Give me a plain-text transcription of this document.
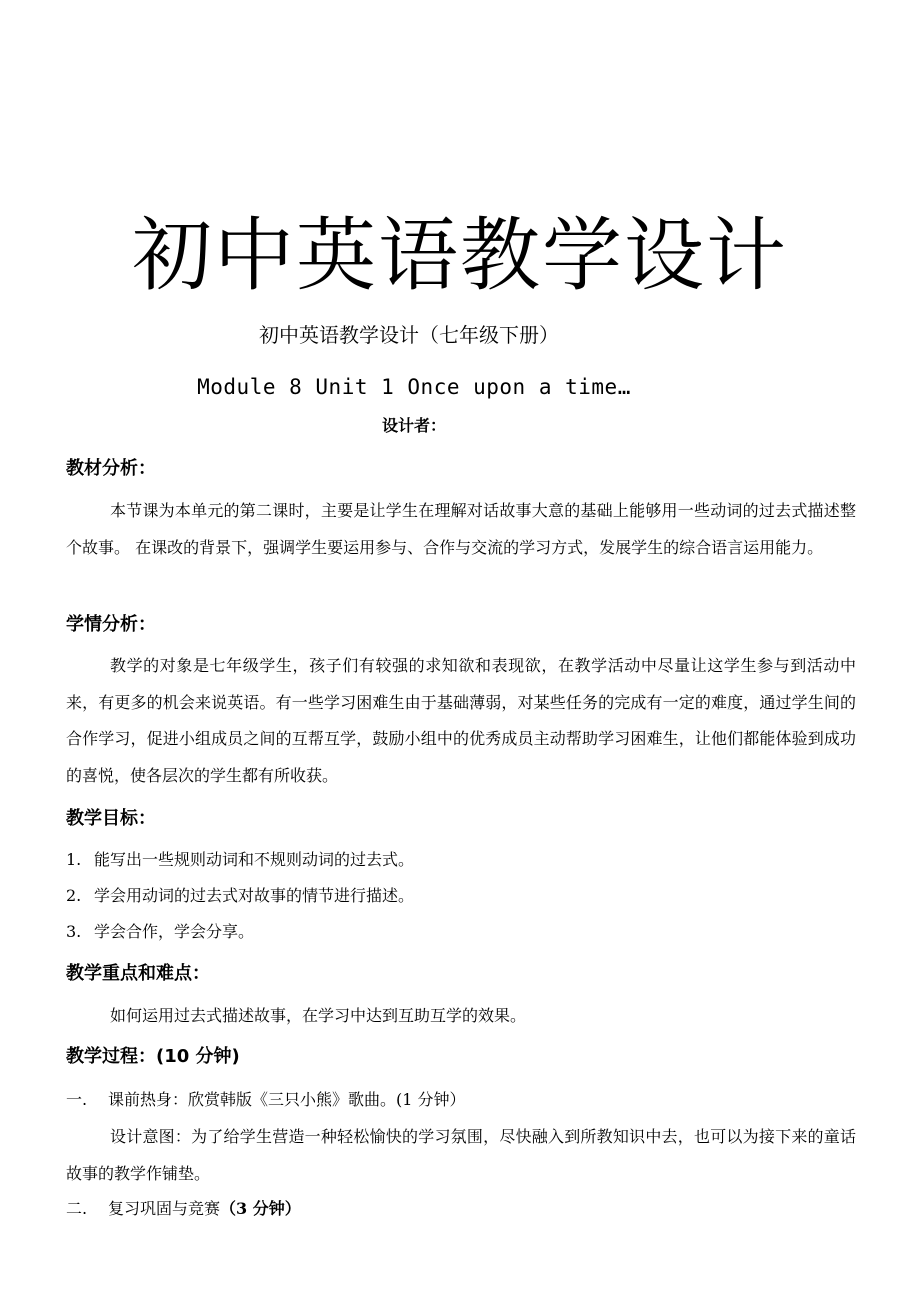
初中英语教学设计
初中英语教学设计（七年级下册）
Module 8 Unit 1 Once upon a time…
设计者：
教材分析：
本节课为本单元的第二课时，主要是让学生在理解对话故事大意的基础上能够用一些动词的过去式描述整个故事。 在课改的背景下，强调学生要运用参与、合作与交流的学习方式，发展学生的综合语言运用能力。
学情分析：
教学的对象是七年级学生，孩子们有较强的求知欲和表现欲，在教学活动中尽量让这学生参与到活动中来，有更多的机会来说英语。有一些学习困难生由于基础薄弱，对某些任务的完成有一定的难度，通过学生间的合作学习，促进小组成员之间的互帮互学，鼓励小组中的优秀成员主动帮助学习困难生，让他们都能体验到成功的喜悦，使各层次的学生都有所收获。
教学目标：
1. 能写出一些规则动词和不规则动词的过去式。
2. 学会用动词的过去式对故事的情节进行描述。
3. 学会合作，学会分享。
教学重点和难点：
如何运用过去式描述故事，在学习中达到互助互学的效果。
教学过程：(10 分钟)
一. 课前热身：欣赏韩版《三只小熊》歌曲。(1 分钟）
设计意图：为了给学生营造一种轻松愉快的学习氛围，尽快融入到所教知识中去，也可以为接下来的童话故事的教学作铺垫。
二. 复习巩固与竞赛（3 分钟）
